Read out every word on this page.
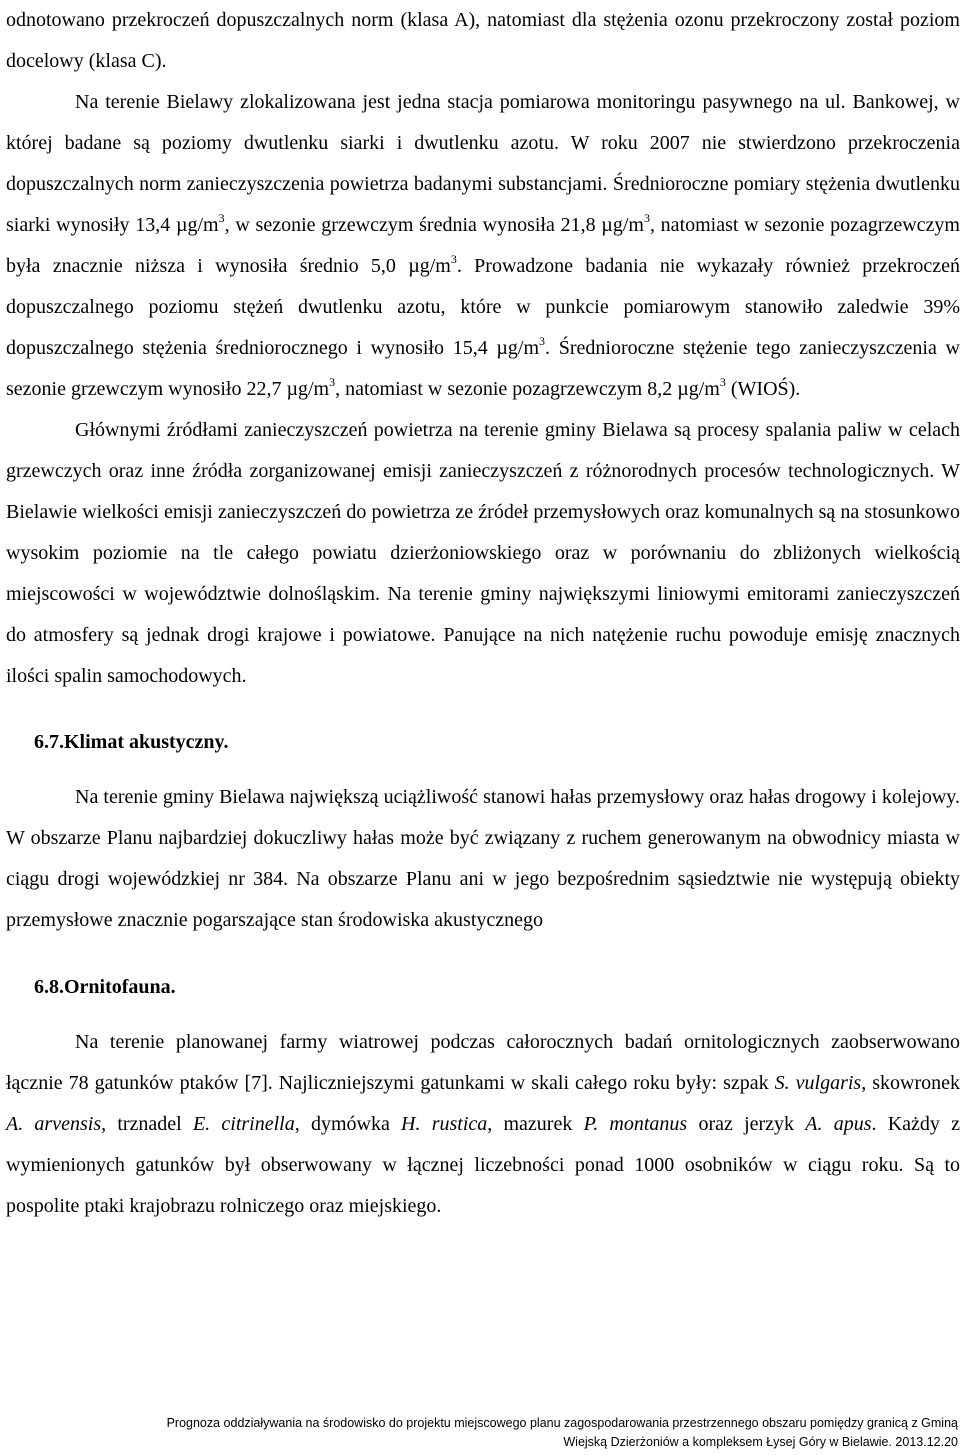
odnotowano przekroczeń dopuszczalnych norm (klasa A), natomiast dla stężenia ozonu przekroczony został poziom docelowy (klasa C).

Na terenie Bielawy zlokalizowana jest jedna stacja pomiarowa monitoringu pasywnego na ul. Bankowej, w której badane są poziomy dwutlenku siarki i dwutlenku azotu. W roku 2007 nie stwierdzono przekroczenia dopuszczalnych norm zanieczyszczenia powietrza badanymi substancjami. Średnioroczne pomiary stężenia dwutlenku siarki wynosiły 13,4 $\mu g/m^3$, w sezonie grzewczym średnia wynosiła 21,8 $\mu g/m^3$, natomiast w sezonie pozagrzewczym była znacznie niższa i wynosiła średnio 5,0 $\mu g/m^3$. Prowadzone badania nie wykazały również przekroczeń dopuszczalnego poziomu stężeń dwutlenku azotu, które w punkcie pomiarowym stanowiło zaledwie 39% dopuszczalnego stężenia średniorocznego i wynosiło 15,4 $\mu g/m^3$. Średnioroczne stężenie tego zanieczyszczenia w sezonie grzewczym wynosiło 22,7 $\mu g/m^3$, natomiast w sezonie pozagrzewczym 8,2 $\mu g/m^3$ (WIOŚ).

Głównymi źródłami zanieczyszczeń powietrza na terenie gminy Bielawa są procesy spalania paliw w celach grzewczych oraz inne źródła zorganizowanej emisji zanieczyszczeń z różnorodnych procesów technologicznych. W Bielawie wielkości emisji zanieczyszczeń do powietrza ze źródeł przemysłowych oraz komunalnych są na stosunkowo wysokim poziomie na tle całego powiatu dzierżoniowskiego oraz w porównaniu do zbliżonych wielkością miejscowości w województwie dolnośląskim. Na terenie gminy największymi liniowymi emitorami zanieczyszczeń do atmosfery są jednak drogi krajowe i powiatowe. Panujące na nich natężenie ruchu powoduje emisję znacznych ilości spalin samochodowych.

6.7.Klimat akustyczny.

Na terenie gminy Bielawa największą uciążliwość stanowi hałas przemysłowy oraz hałas drogowy i kolejowy. W obszarze Planu najbardziej dokuczliwy hałas może być związany z ruchem generowanym na obwodnicy miasta w ciągu drogi wojewódzkiej nr 384. Na obszarze Planu ani w jego bezpośrednim sąsiedztwie nie występują obiekty przemysłowe znacznie pogarszające stan środowiska akustycznego

6.8.Ornitofauna.

Na terenie planowanej farmy wiatrowej podczas całorocznych badań ornitologicznych zaobserwowano łącznie 78 gatunków ptaków [7]. Najliczniejszymi gatunkami w skali całego roku były: szpak S. vulgaris, skowronek A. arvensis, trznadel E. citrinella, dymówka H. rustica, mazurek P. montanus oraz jerzyk A. apus. Każdy z wymienionych gatunków był obserwowany w łącznej liczebności ponad 1000 osobników w ciągu roku. Są to pospolite ptaki krajobrazu rolniczego oraz miejskiego.

Prognoza oddziaływania na środowisko do projektu miejscowego planu zagospodarowania przestrzennego obszaru pomiędzy granicą z Gminą
Wiejską Dzierżoniów a kompleksem Łysej Góry w Bielawie. 2013.12.20
